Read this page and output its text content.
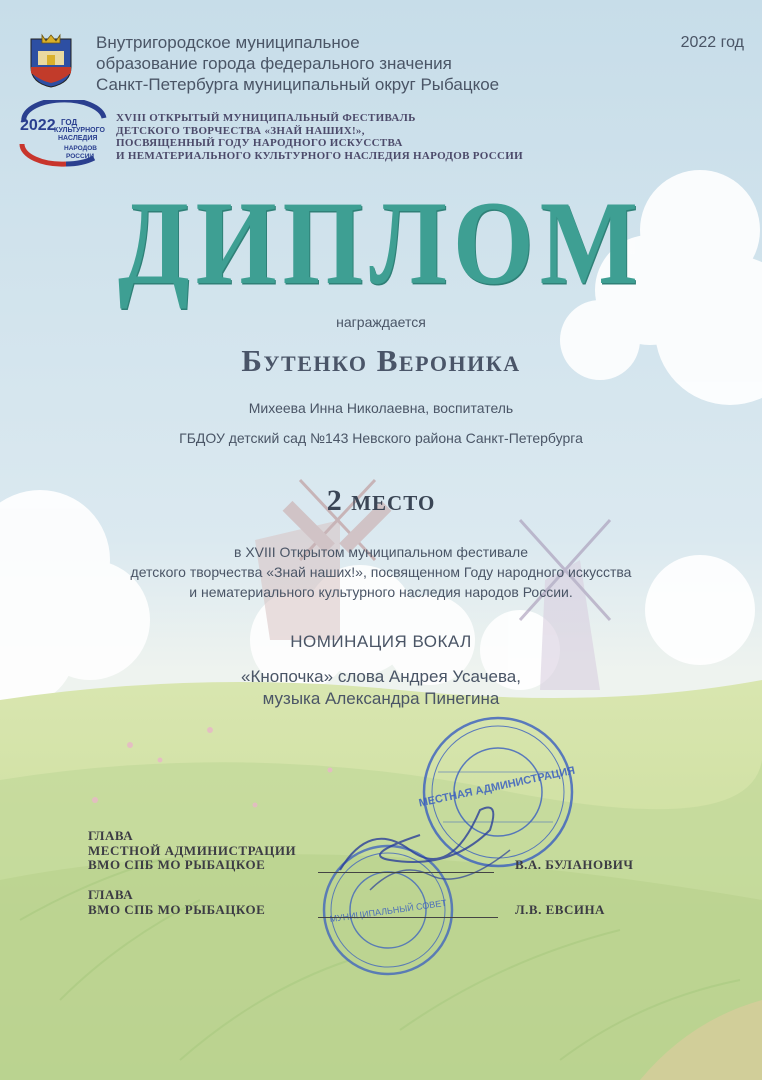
2022 ГОД
КУЛЬТУРНОГО
НАСЛЕДИЯ
НАРОДОВ
РОССИИ
Внутригородское муниципальное
образование города федерального значения
Санкт-Петербурга муниципальный округ Рыбацкое
2022 год
XVIII ОТКРЫТЫЙ МУНИЦИПАЛЬНЫЙ ФЕСТИВАЛЬ
ДЕТСКОГО ТВОРЧЕСТВА «ЗНАЙ НАШИХ!»,
ПОСВЯЩЕННЫЙ ГОДУ НАРОДНОГО ИСКУССТВА
И НЕМАТЕРИАЛЬНОГО КУЛЬТУРНОГО НАСЛЕДИЯ НАРОДОВ РОССИИ
ДИПЛОМ
награждается
Бутенко Вероника
Михеева Инна Николаевна, воспитатель
ГБДОУ детский сад №143 Невского района Санкт-Петербурга
2 место
в XVIII Открытом муниципальном фестивале
детского творчества «Знай наших!», посвященном Году народного искусства
и нематериального культурного наследия народов России.
НОМИНАЦИЯ ВОКАЛ
«Кнопочка» слова Андрея Усачева,
музыка Александра Пинегина
МЕСТНАЯ АДМИНИСТРАЦИЯ
МУНИЦИПАЛЬНЫЙ СОВЕТ
ГЛАВА
МЕСТНОЙ АДМИНИСТРАЦИИ
ВМО СПБ МО РЫБАЦКОЕ	В.А. БУЛАНОВИЧ
ГЛАВА
ВМО СПБ МО РЫБАЦКОЕ	Л.В. ЕВСИНА
